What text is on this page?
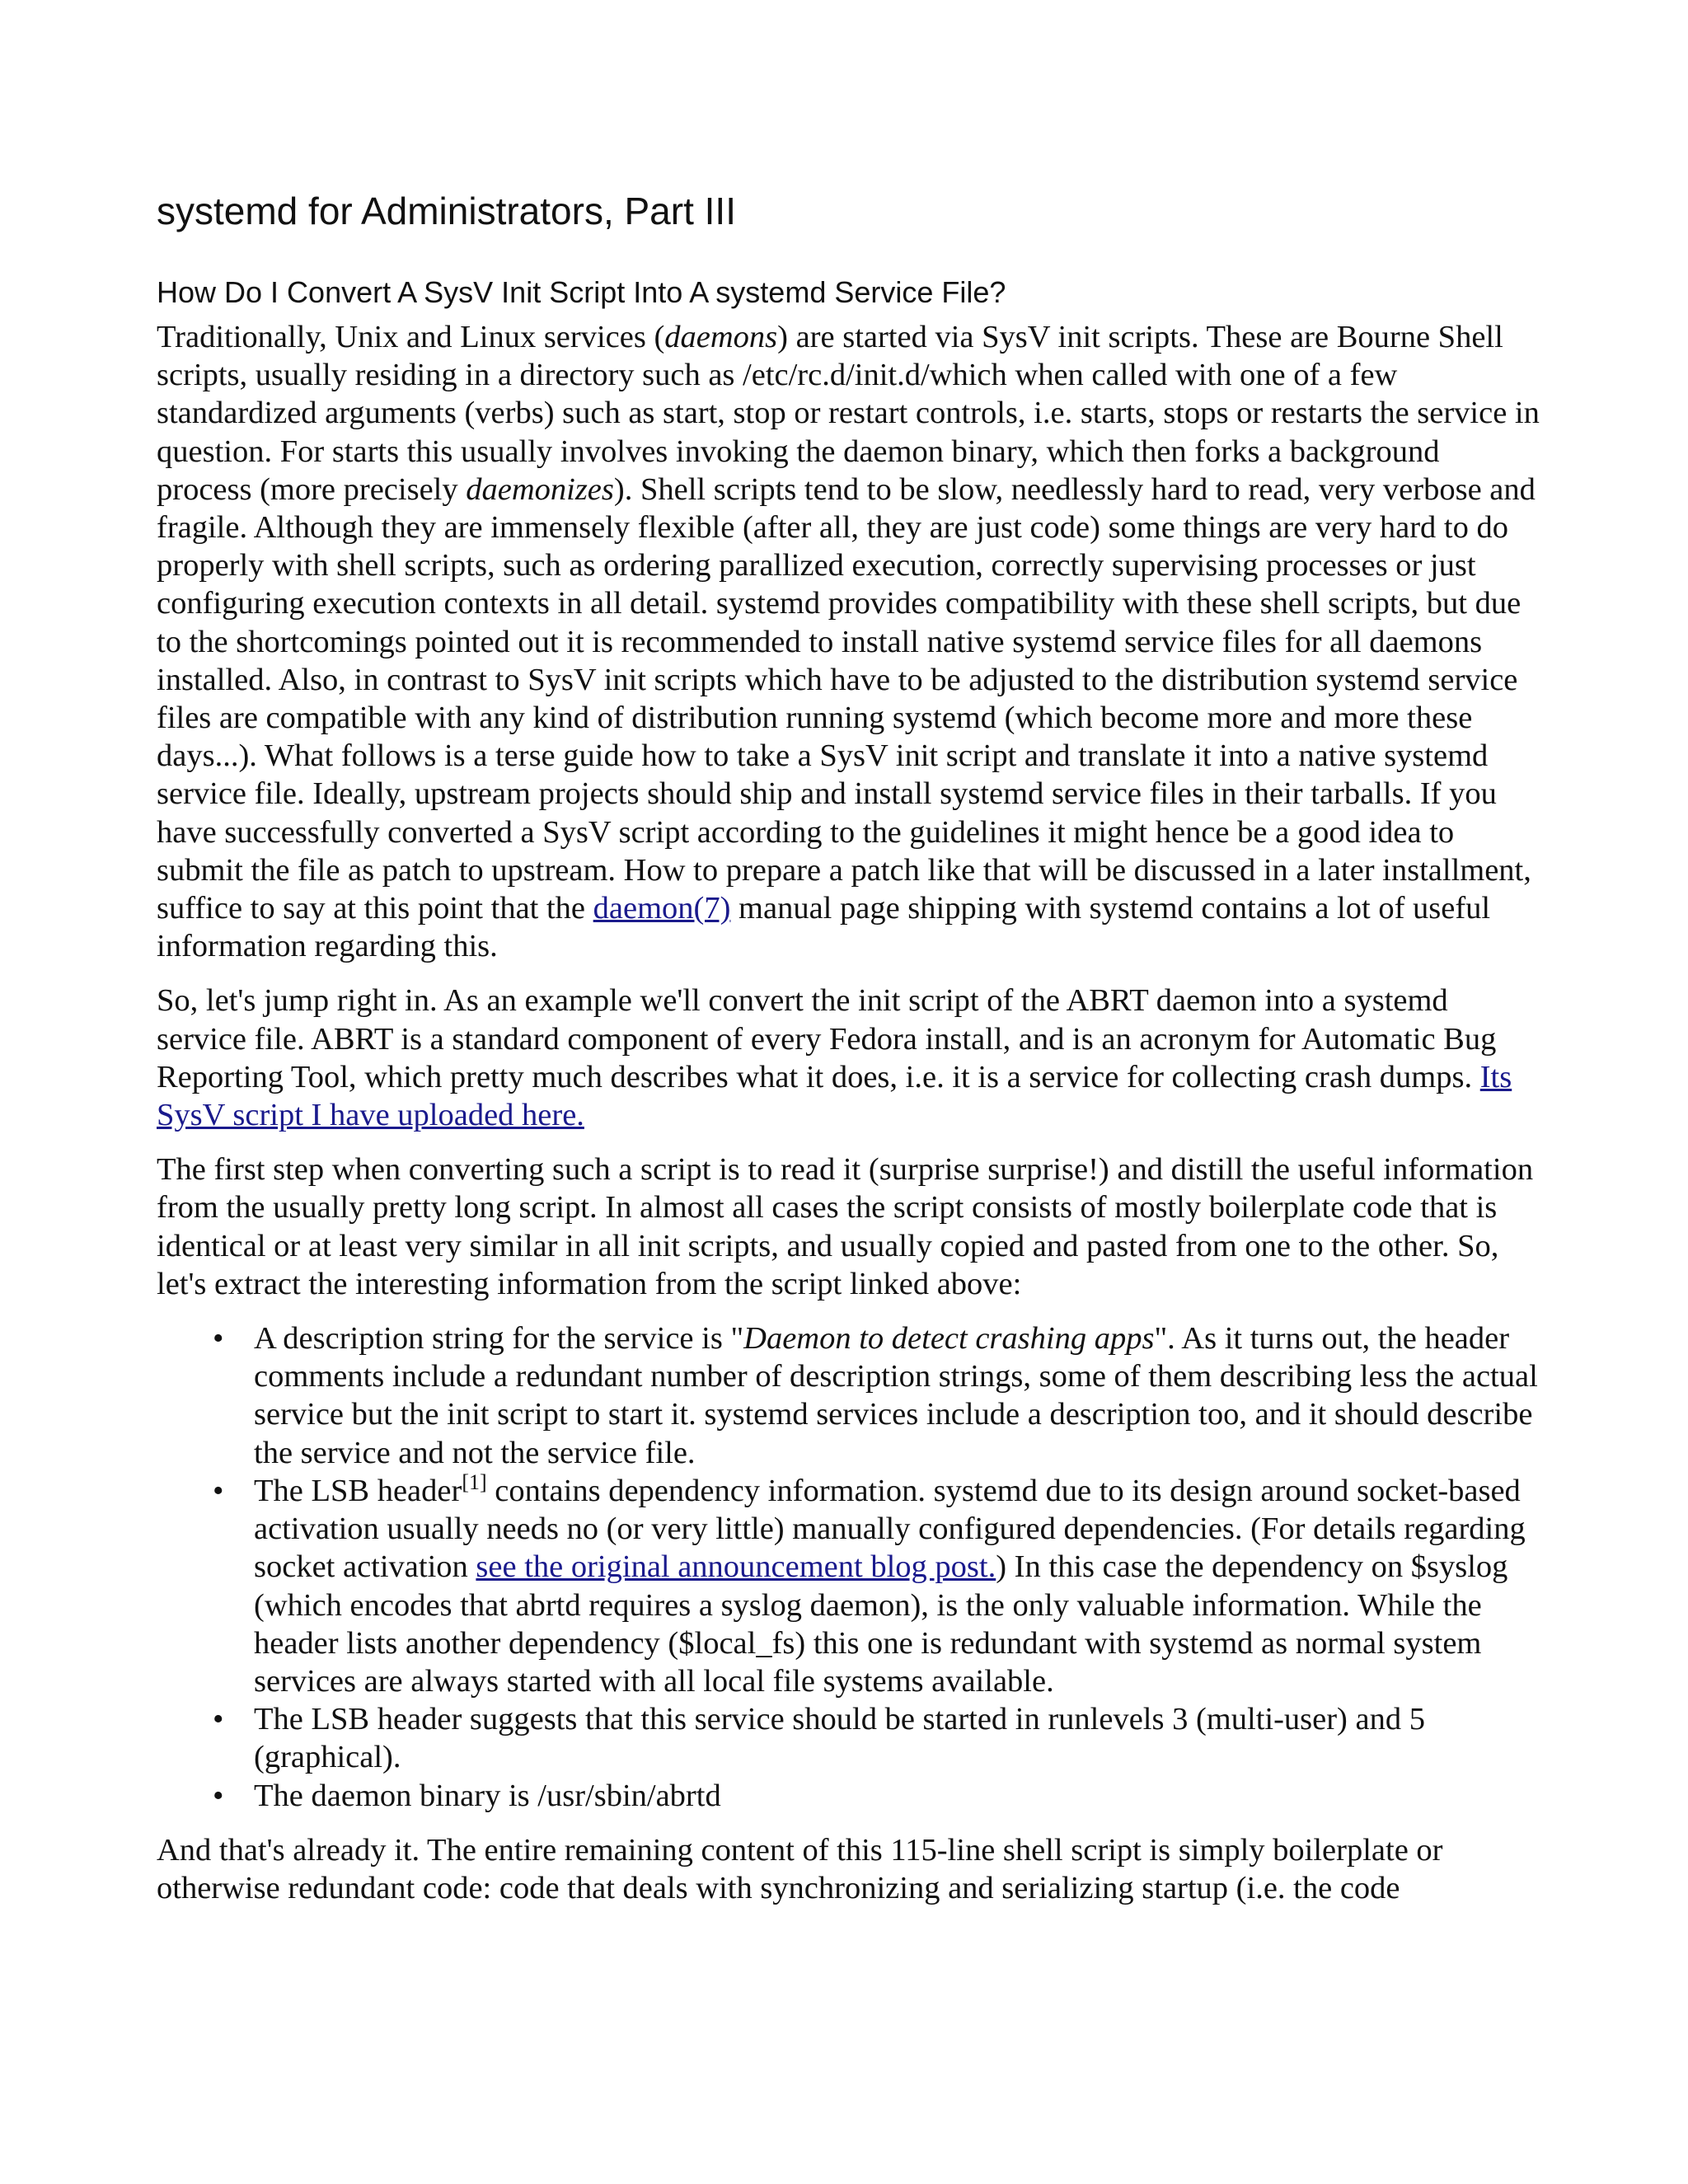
systemd for Administrators, Part III
How Do I Convert A SysV Init Script Into A systemd Service File?

Traditionally, Unix and Linux services (daemons) are started via SysV init scripts. These are Bourne Shell scripts, usually residing in a directory such as /etc/rc.d/init.d/which when called with one of a few standardized arguments (verbs) such as start, stop or restart controls, i.e. starts, stops or restarts the service in question. For starts this usually involves invoking the daemon binary, which then forks a background process (more precisely daemonizes). Shell scripts tend to be slow, needlessly hard to read, very verbose and fragile. Although they are immensely flexible (after all, they are just code) some things are very hard to do properly with shell scripts, such as ordering parallized execution, correctly supervising processes or just configuring execution contexts in all detail. systemd provides compatibility with these shell scripts, but due to the shortcomings pointed out it is recommended to install native systemd service files for all daemons installed. Also, in contrast to SysV init scripts which have to be adjusted to the distribution systemd service files are compatible with any kind of distribution running systemd (which become more and more these days...). What follows is a terse guide how to take a SysV init script and translate it into a native systemd service file. Ideally, upstream projects should ship and install systemd service files in their tarballs. If you have successfully converted a SysV script according to the guidelines it might hence be a good idea to submit the file as patch to upstream. How to prepare a patch like that will be discussed in a later installment, suffice to say at this point that the daemon(7) manual page shipping with systemd contains a lot of useful information regarding this.

So, let's jump right in. As an example we'll convert the init script of the ABRT daemon into a systemd service file. ABRT is a standard component of every Fedora install, and is an acronym for Automatic Bug Reporting Tool, which pretty much describes what it does, i.e. it is a service for collecting crash dumps. Its SysV script I have uploaded here.

The first step when converting such a script is to read it (surprise surprise!) and distill the useful information from the usually pretty long script. In almost all cases the script consists of mostly boilerplate code that is identical or at least very similar in all init scripts, and usually copied and pasted from one to the other. So, let's extract the interesting information from the script linked above:

• A description string for the service is "Daemon to detect crashing apps". As it turns out, the header comments include a redundant number of description strings, some of them describing less the actual service but the init script to start it. systemd services include a description too, and it should describe the service and not the service file.
• The LSB header[1] contains dependency information. systemd due to its design around socket-based activation usually needs no (or very little) manually configured dependencies. (For details regarding socket activation see the original announcement blog post.) In this case the dependency on $syslog (which encodes that abrtd requires a syslog daemon), is the only valuable information. While the header lists another dependency ($local_fs) this one is redundant with systemd as normal system services are always started with all local file systems available.
• The LSB header suggests that this service should be started in runlevels 3 (multi-user) and 5 (graphical).
• The daemon binary is /usr/sbin/abrtd

And that's already it. The entire remaining content of this 115-line shell script is simply boilerplate or otherwise redundant code: code that deals with synchronizing and serializing startup (i.e. the code
